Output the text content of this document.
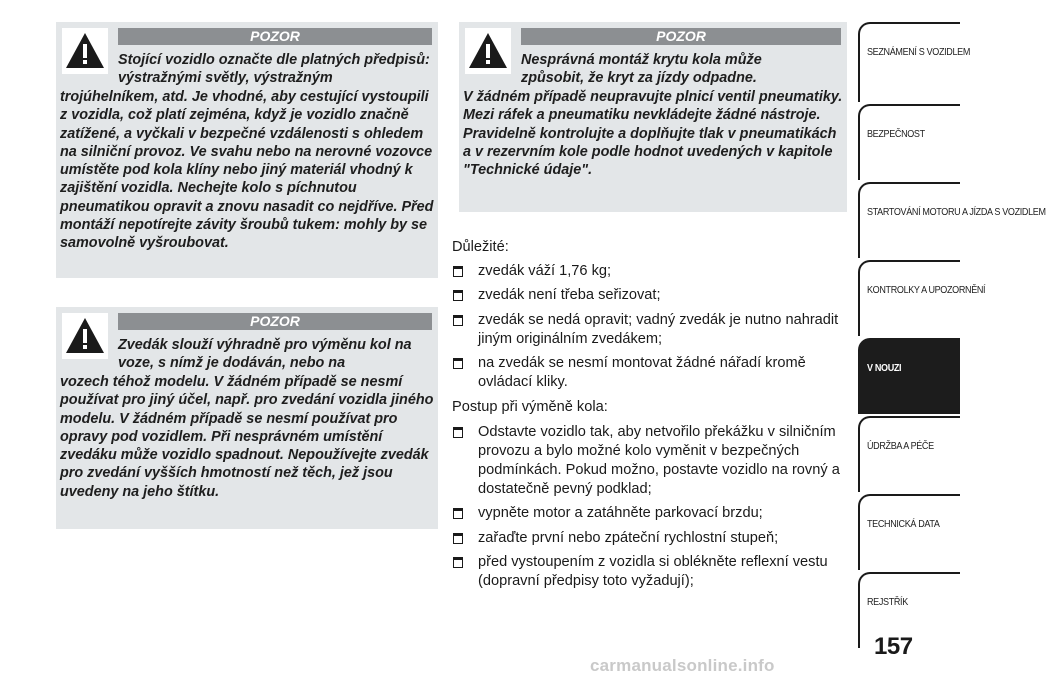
POZOR
Stojící vozidlo označte dle platných předpisů: výstražnými světly, výstražným
trojúhelníkem, atd. Je vhodné, aby cestující vystoupili z vozidla, což platí zejména, když je vozidlo značně zatížené, a vyčkali v bezpečné vzdálenosti s ohledem na silniční provoz. Ve svahu nebo na nerovné vozovce umístěte pod kola klíny nebo jiný materiál vhodný k zajištění vozidla. Nechejte kolo s píchnutou pneumatikou opravit a znovu nasadit co nejdříve. Před montáží nepotírejte závity šroubů tukem: mohly by se samovolně vyšroubovat.
POZOR
Zvedák slouží výhradně pro výměnu kol na voze, s nímž je dodáván, nebo na
vozech téhož modelu. V žádném případě se nesmí používat pro jiný účel, např. pro zvedání vozidla jiného modelu. V žádném případě se nesmí používat pro opravy pod vozidlem. Při nesprávném umístění zvedáku může vozidlo spadnout. Nepoužívejte zvedák pro zvedání vyšších hmotností než těch, jež jsou uvedeny na jeho štítku.
POZOR
Nesprávná montáž krytu kola může způsobit, že kryt za jízdy odpadne.
V žádném případě neupravujte plnicí ventil pneumatiky. Mezi ráfek a pneumatiku nevkládejte žádné nástroje. Pravidelně kontrolujte a doplňujte tlak v pneumatikách a v rezervním kole podle hodnot uvedených v kapitole "Technické údaje".

Důležité:

zvedák váží 1,76 kg;
zvedák není třeba seřizovat;
zvedák se nedá opravit; vadný zvedák je nutno nahradit jiným originálním zvedákem;
na zvedák se nesmí montovat žádné nářadí kromě ovládací kliky.

Postup při výměně kola:

Odstavte vozidlo tak, aby netvořilo překážku v silničním provozu a bylo možné kolo vyměnit v bezpečných podmínkách. Pokud možno, postavte vozidlo na rovný a dostatečně pevný podklad;
vypněte motor a zatáhněte parkovací brzdu;
zařaďte první nebo zpáteční rychlostní stupeň;
před vystoupením z vozidla si oblékněte reflexní vestu (dopravní předpisy toto vyžadují);
SEZNÁMENÍ S VOZIDLEM
BEZPEČNOST
STARTOVÁNÍ MOTORU A JÍZDA S VOZIDLEM
KONTROLKY A UPOZORNĚNÍ
V NOUZI
ÚDRŽBA A PÉČE
TECHNICKÁ DATA
REJSTŘÍK
157
carmanualsonline.info
